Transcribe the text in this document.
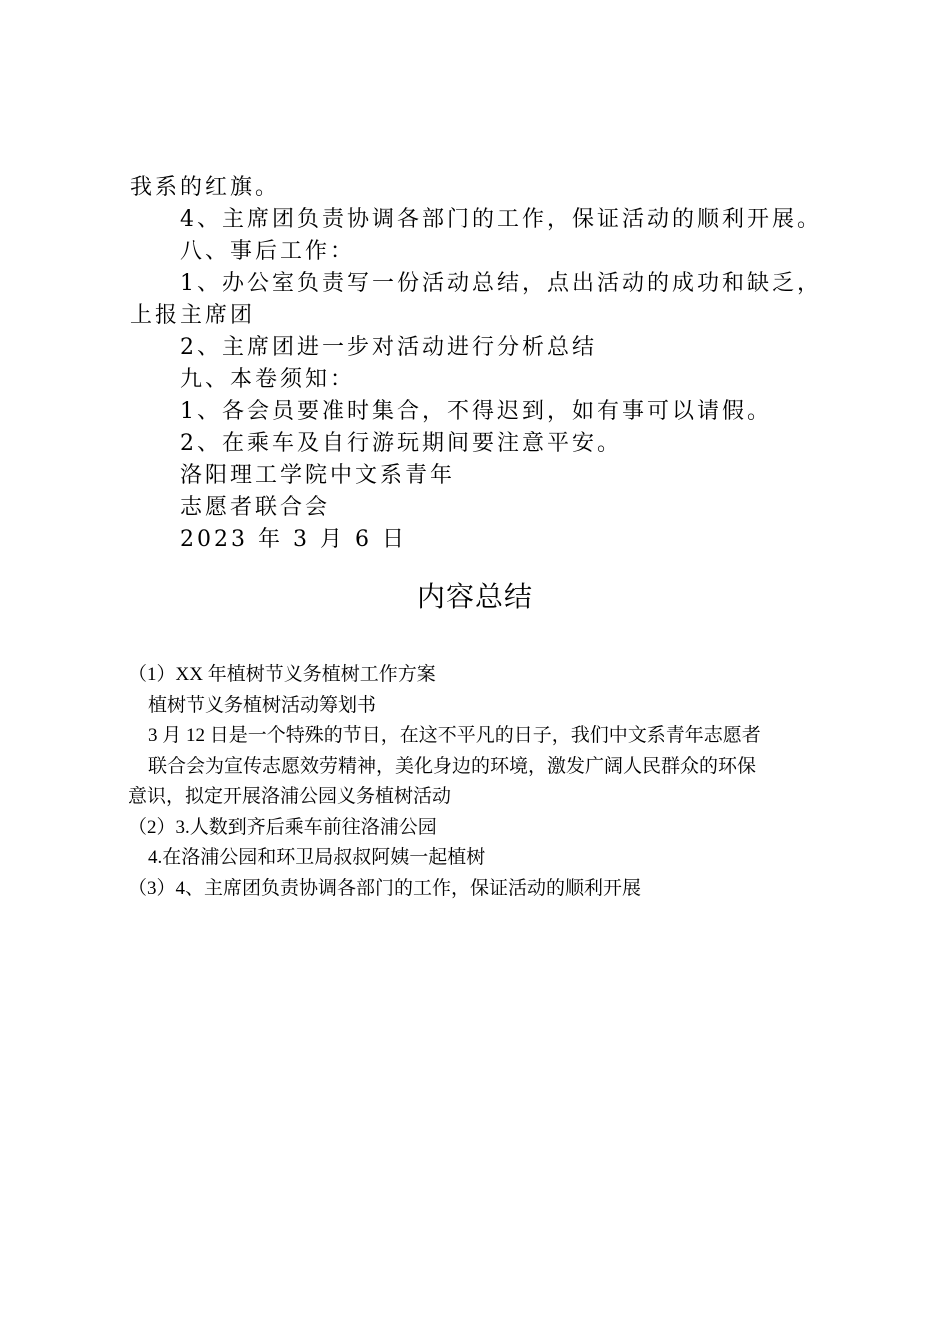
我系的红旗。

4、主席团负责协调各部门的工作，保证活动的顺利开展。

八、事后工作：

1、办公室负责写一份活动总结，点出活动的成功和缺乏，

上报主席团

2、主席团进一步对活动进行分析总结

九、本卷须知：

1、各会员要准时集合，不得迟到，如有事可以请假。

2、在乘车及自行游玩期间要注意平安。

洛阳理工学院中文系青年

志愿者联合会

2023 年 3 月 6 日

内容总结

（1）XX 年植树节义务植树工作方案

植树节义务植树活动筹划书

3 月 12 日是一个特殊的节日，在这不平凡的日子，我们中文系青年志愿者

联合会为宣传志愿效劳精神，美化身边的环境，激发广阔人民群众的环保

意识，拟定开展洛浦公园义务植树活动

（2）3.人数到齐后乘车前往洛浦公园

4.在洛浦公园和环卫局叔叔阿姨一起植树

（3）4、主席团负责协调各部门的工作，保证活动的顺利开展
